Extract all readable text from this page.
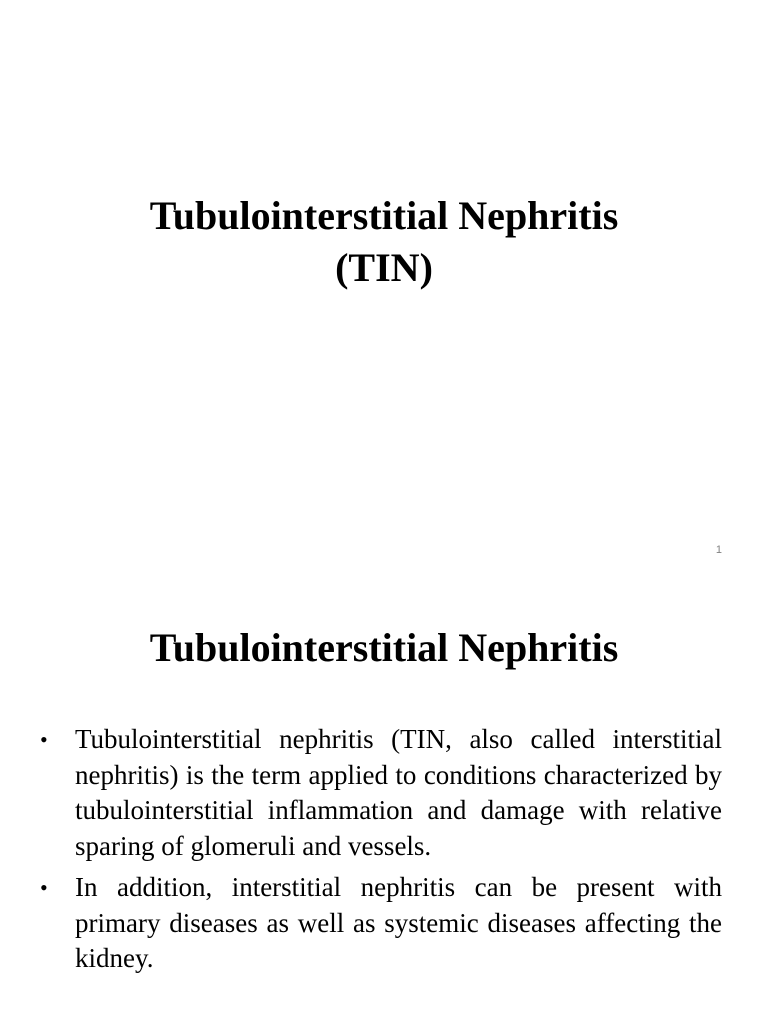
Tubulointerstitial Nephritis
(TIN)
1
Tubulointerstitial Nephritis
• Tubulointerstitial nephritis (TIN, also called interstitial nephritis) is the term applied to conditions characterized by tubulointerstitial inflammation and damage with relative sparing of glomeruli and vessels.
• In addition, interstitial nephritis can be present with primary diseases as well as systemic diseases affecting the kidney.
